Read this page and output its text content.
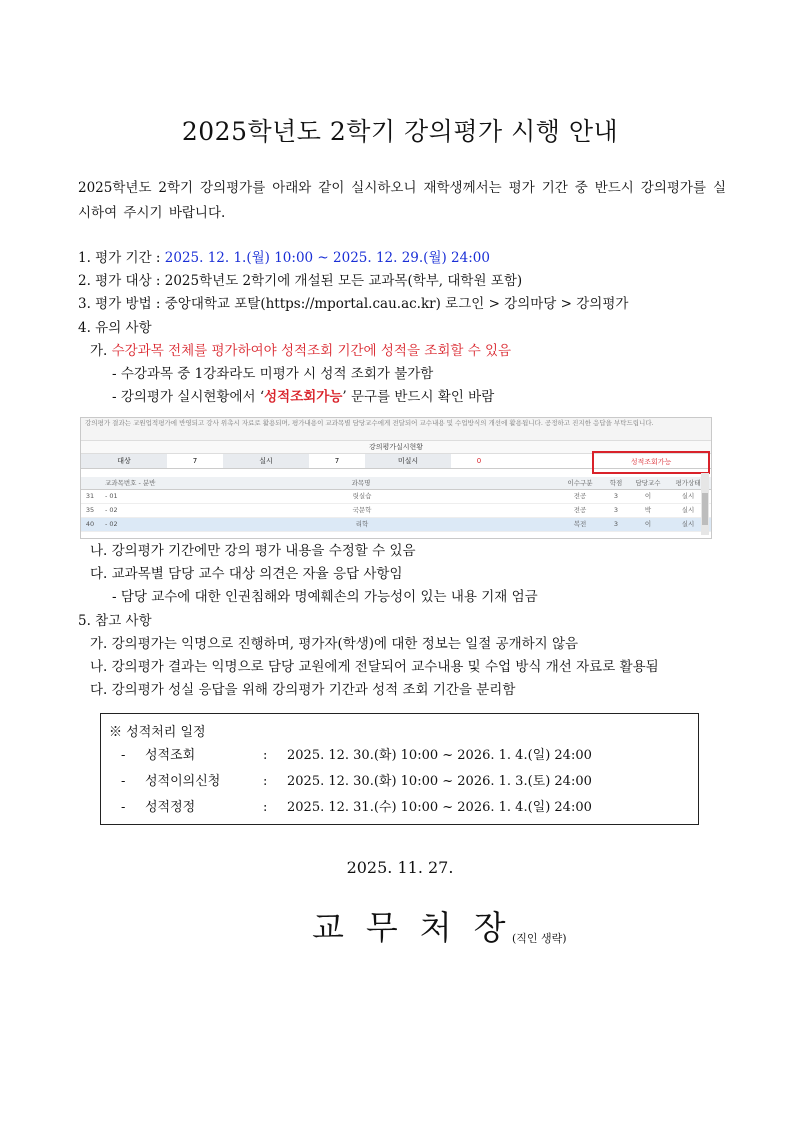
2025학년도 2학기 강의평가 시행 안내
2025학년도 2학기 강의평가를 아래와 같이 실시하오니 재학생께서는 평가 기간 중 반드시 강의평가를 실시하여 주시기 바랍니다.
1. 평가 기간 : 2025. 12. 1.(월) 10:00 ~ 2025. 12. 29.(월) 24:00
2. 평가 대상 : 2025학년도 2학기에 개설된 모든 교과목(학부, 대학원 포함)
3. 평가 방법 : 중앙대학교 포탈(https://mportal.cau.ac.kr) 로그인 > 강의마당 > 강의평가
4. 유의 사항
가. 수강과목 전체를 평가하여야 성적조회 기간에 성적을 조회할 수 있음
- 수강과목 중 1강좌라도 미평가 시 성적 조회가 불가함
- 강의평가 실시현황에서 ‘성적조회가능’ 문구를 반드시 확인 바람
강의평가 결과는 교원업적평가에 반영되고 강사 위촉시 자료로 활용되며, 평가내용이 교과목별 담당교수에게 전달되어 교수내용 및 수업방식의 개선에 활용됩니다. 공정하고 진지한 응답을 부탁드립니다.
강의평가실시현황
대상	7	실시	7	미실시	0	성적조회가능
교과목번호 - 분반	과목명	이수구분	학점	담당교수	평가상태
31	- 01	릿실습	전공	3	이	실시
35	- 02	국문학	전공	3	박	실시
40	- 02	리학	복전	3	이	실시
나. 강의평가 기간에만 강의 평가 내용을 수정할 수 있음
다. 교과목별 담당 교수 대상 의견은 자율 응답 사항임
- 담당 교수에 대한 인권침해와 명예훼손의 가능성이 있는 내용 기재 엄금
5. 참고 사항
가. 강의평가는 익명으로 진행하며, 평가자(학생)에 대한 정보는 일절 공개하지 않음
나. 강의평가 결과는 익명으로 담당 교원에게 전달되어 교수내용 및 수업 방식 개선 자료로 활용됨
다. 강의평가 성실 응답을 위해 강의평가 기간과 성적 조회 기간을 분리함
※ 성적처리 일정
- 성적조회	: 2025. 12. 30.(화) 10:00 ~ 2026. 1. 4.(일) 24:00
- 성적이의신청	: 2025. 12. 30.(화) 10:00 ~ 2026. 1. 3.(토) 24:00
- 성적정정	: 2025. 12. 31.(수) 10:00 ~ 2026. 1. 4.(일) 24:00
2025. 11. 27.
교무처장
(직인 생략)
